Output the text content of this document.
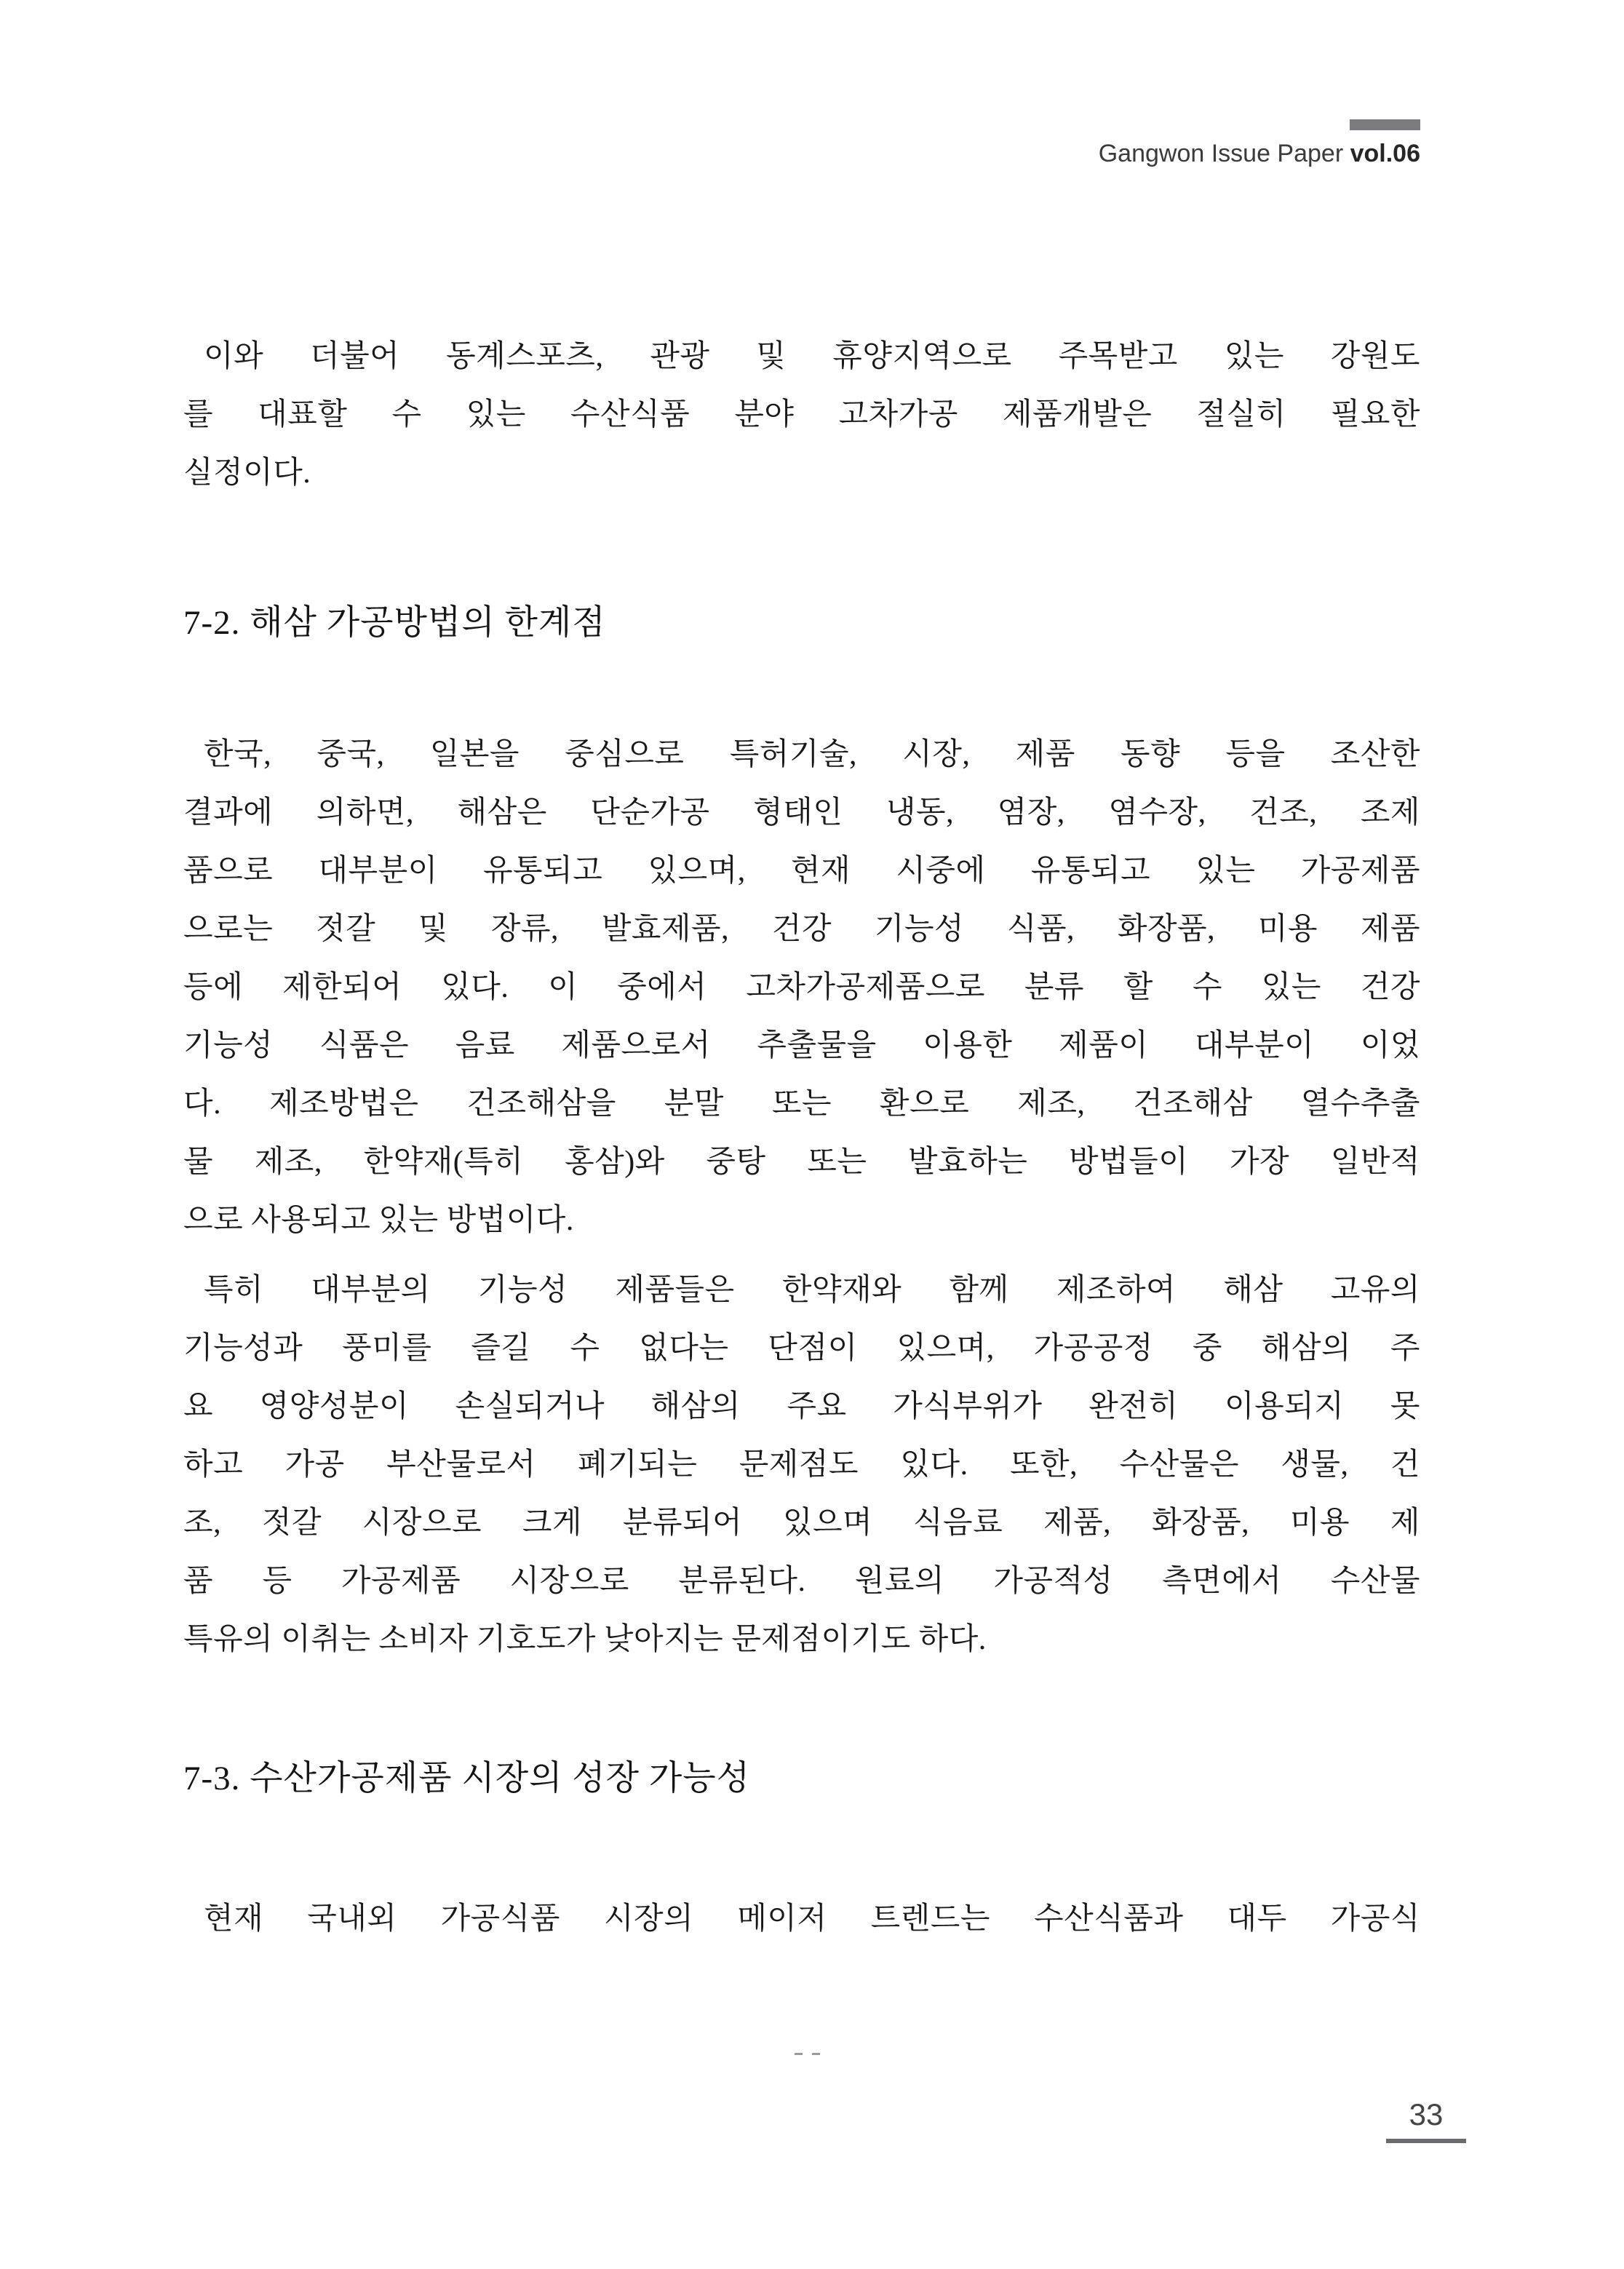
Gangwon Issue Paper vol.06
이와 더불어 동계스포츠, 관광 및 휴양지역으로 주목받고 있는 강원도
를 대표할 수 있는 수산식품 분야 고차가공 제품개발은 절실히 필요한
실정이다.
7-2. 해삼 가공방법의 한계점
한국, 중국, 일본을 중심으로 특허기술, 시장, 제품 동향 등을 조산한
결과에 의하면, 해삼은 단순가공 형태인 냉동, 염장, 염수장, 건조, 조제
품으로 대부분이 유통되고 있으며, 현재 시중에 유통되고 있는 가공제품
으로는 젓갈 및 장류, 발효제품, 건강 기능성 식품, 화장품, 미용 제품
등에 제한되어 있다. 이 중에서 고차가공제품으로 분류 할 수 있는 건강
기능성 식품은 음료 제품으로서 추출물을 이용한 제품이 대부분이 이었
다. 제조방법은 건조해삼을 분말 또는 환으로 제조, 건조해삼 열수추출
물 제조, 한약재(특히 홍삼)와 중탕 또는 발효하는 방법들이 가장 일반적
으로 사용되고 있는 방법이다.
특히 대부분의 기능성 제품들은 한약재와 함께 제조하여 해삼 고유의
기능성과 풍미를 즐길 수 없다는 단점이 있으며, 가공공정 중 해삼의 주
요 영양성분이 손실되거나 해삼의 주요 가식부위가 완전히 이용되지 못
하고 가공 부산물로서 폐기되는 문제점도 있다. 또한, 수산물은 생물, 건
조, 젓갈 시장으로 크게 분류되어 있으며 식음료 제품, 화장품, 미용 제
품 등 가공제품 시장으로 분류된다. 원료의 가공적성 측면에서 수산물
특유의 이취는 소비자 기호도가 낮아지는 문제점이기도 하다.
7-3. 수산가공제품 시장의 성장 가능성
현재 국내외 가공식품 시장의 메이저 트렌드는 수산식품과 대두 가공식
33
